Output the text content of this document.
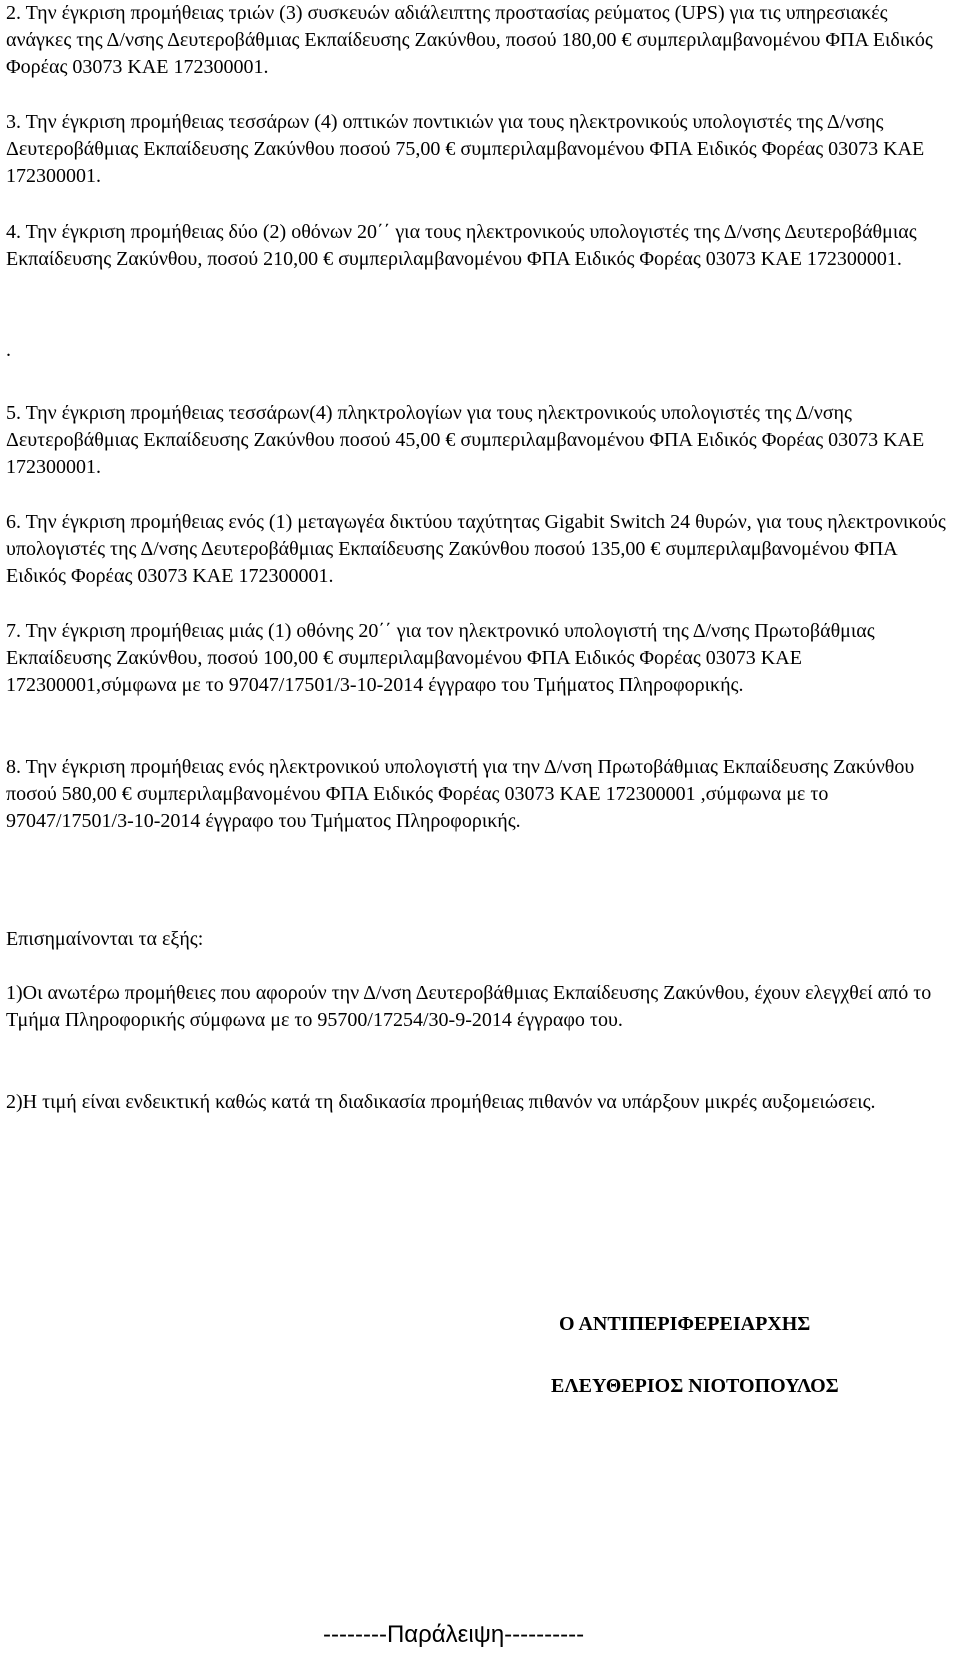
2. Την έγκριση προμήθειας τριών (3) συσκευών αδιάλειπτης προστασίας ρεύματος (UPS) για τις υπηρεσιακές ανάγκες της Δ/νσης Δευτεροβάθμιας Εκπαίδευσης Ζακύνθου, ποσού 180,00 € συμπεριλαμβανομένου ΦΠΑ Ειδικός Φορέας 03073 ΚΑΕ 172300001.

3. Την έγκριση προμήθειας τεσσάρων (4) οπτικών ποντικιών για τους ηλεκτρονικούς υπολογιστές της Δ/νσης Δευτεροβάθμιας Εκπαίδευσης Ζακύνθου ποσού 75,00 € συμπεριλαμβανομένου ΦΠΑ Ειδικός Φορέας 03073 ΚΑΕ 172300001.

4. Την έγκριση προμήθειας δύο (2) οθόνων 20΄΄ για τους ηλεκτρονικούς υπολογιστές της Δ/νσης Δευτεροβάθμιας Εκπαίδευσης Ζακύνθου, ποσού 210,00 € συμπεριλαμβανομένου ΦΠΑ Ειδικός Φορέας 03073 ΚΑΕ 172300001.

.

5. Την έγκριση προμήθειας τεσσάρων(4) πληκτρολογίων για τους ηλεκτρονικούς υπολογιστές της Δ/νσης Δευτεροβάθμιας Εκπαίδευσης Ζακύνθου ποσού 45,00 € συμπεριλαμβανομένου ΦΠΑ Ειδικός Φορέας 03073 ΚΑΕ 172300001.

6. Την έγκριση προμήθειας ενός (1) μεταγωγέα δικτύου ταχύτητας Gigabit Switch 24 θυρών, για τους ηλεκτρονικούς υπολογιστές της Δ/νσης Δευτεροβάθμιας Εκπαίδευσης Ζακύνθου ποσού 135,00 € συμπεριλαμβανομένου ΦΠΑ Ειδικός Φορέας 03073 ΚΑΕ 172300001.

7. Την έγκριση προμήθειας μιάς (1) οθόνης 20΄΄ για τον ηλεκτρονικό υπολογιστή της Δ/νσης Πρωτοβάθμιας Εκπαίδευσης Ζακύνθου, ποσού 100,00 € συμπεριλαμβανομένου ΦΠΑ Ειδικός Φορέας 03073 ΚΑΕ 172300001,σύμφωνα με το 97047/17501/3-10-2014 έγγραφο του Τμήματος Πληροφορικής.

8. Την έγκριση προμήθειας ενός ηλεκτρονικού υπολογιστή για την Δ/νση Πρωτοβάθμιας Εκπαίδευσης Ζακύνθου ποσού 580,00 € συμπεριλαμβανομένου ΦΠΑ Ειδικός Φορέας 03073 ΚΑΕ 172300001 ,σύμφωνα με το 97047/17501/3-10-2014 έγγραφο του Τμήματος Πληροφορικής.

Επισημαίνονται τα εξής:

1)Οι ανωτέρω προμήθειες που αφορούν την Δ/νση Δευτεροβάθμιας Εκπαίδευσης Ζακύνθου, έχουν ελεγχθεί από το Τμήμα Πληροφορικής σύμφωνα με το 95700/17254/30-9-2014 έγγραφο του.

2)Η τιμή είναι ενδεικτική καθώς κατά τη διαδικασία προμήθειας πιθανόν να υπάρξουν μικρές αυξομειώσεις.

Ο ΑΝΤΙΠΕΡΙΦΕΡΕΙΑΡΧΗΣ
ΕΛΕΥΘΕΡΙΟΣ ΝΙΟΤΟΠΟΥΛΟΣ
--------Παράλειψη----------
